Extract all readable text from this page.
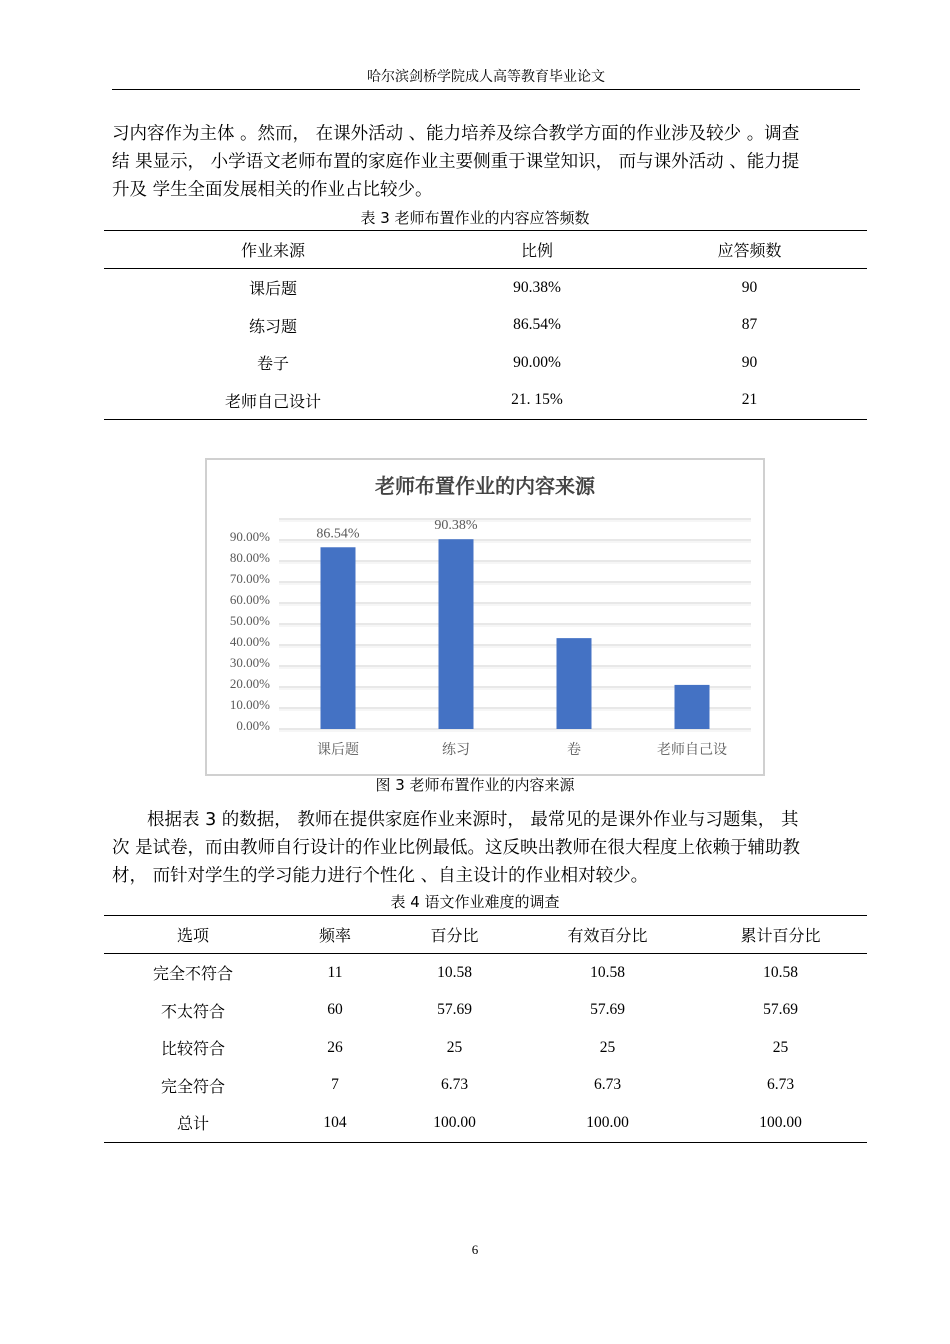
哈尔滨剑桥学院成人高等教育毕业论文

习内容作为主体 。然而， 在课外活动 、能力培养及综合教学方面的作业涉及较少 。调查

结 果显示， 小学语文老师布置的家庭作业主要侧重于课堂知识， 而与课外活动 、能力提

升及 学生全面发展相关的作业占比较少。

表 3 老师布置作业的内容应答频数
作业来源	比例	应答频数
课后题	90.38%	90
练习题	86.54%	87
卷子	90.00%	90
老师自己设计	21. 15%	21
老师布置作业的内容来源
0.00%
10.00%
20.00%
30.00%
40.00%
50.00%
60.00%
70.00%
80.00%
90.00%	86.54%
课后题
90.38%
练习	卷	老师自己设
图 3 老师布置作业的内容来源

根据表 3 的数据， 教师在提供家庭作业来源时， 最常见的是课外作业与习题集， 其

次 是试卷，而由教师自行设计的作业比例最低。这反映出教师在很大程度上依赖于辅助教

材， 而针对学生的学习能力进行个性化 、自主设计的作业相对较少。

表 4 语文作业难度的调查
选项	频率	百分比	有效百分比	累计百分比
完全不符合	11	10.58	10.58	10.58
不太符合	60	57.69	57.69	57.69
比较符合	26	25	25	25
完全符合	7	6.73	6.73	6.73
总计	104	100.00	100.00	100.00
6
